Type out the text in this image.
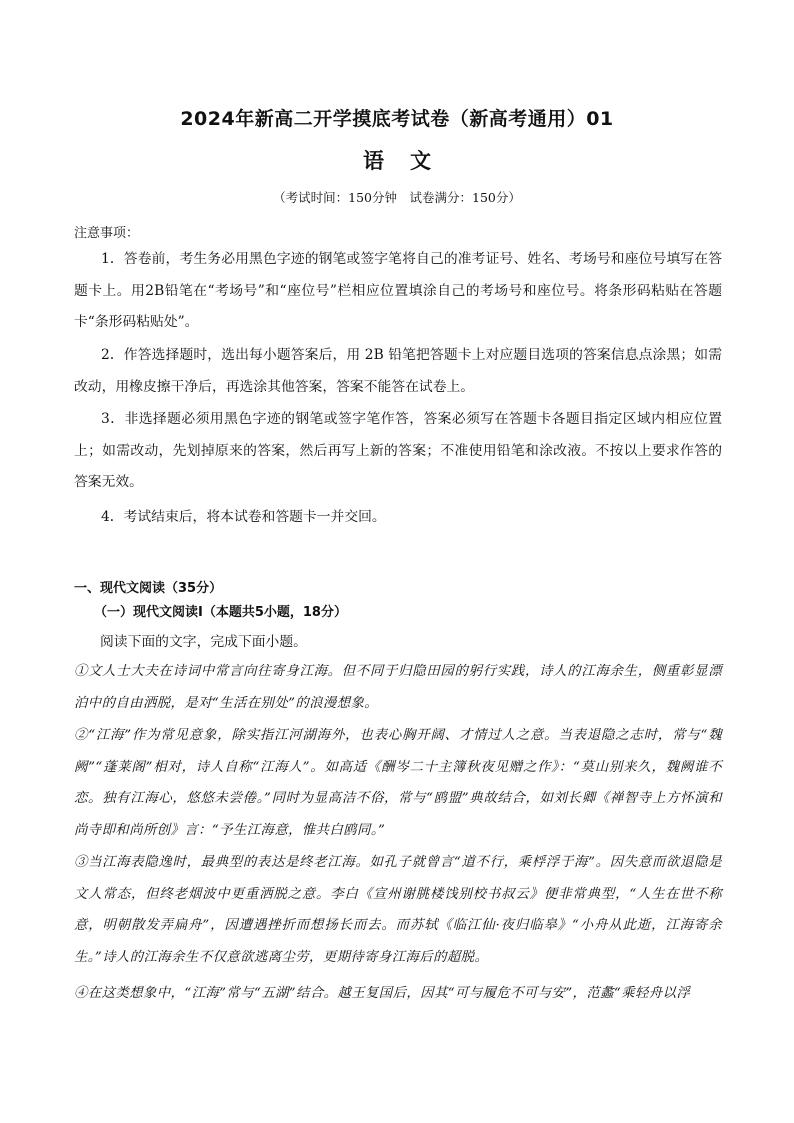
2024年新高二开学摸底考试卷（新高考通用）01
语 文
（考试时间：150分钟　试卷满分：150分）
注意事项：
1．答卷前，考生务必用黑色字迹的钢笔或签字笔将自己的准考证号、姓名、考场号和座位号填写在答题卡上。用2B铅笔在“考场号”和“座位号”栏相应位置填涂自己的考场号和座位号。将条形码粘贴在答题卡“条形码粘贴处”。
2．作答选择题时，选出每小题答案后，用 2B 铅笔把答题卡上对应题目选项的答案信息点涂黑；如需改动，用橡皮擦干净后，再选涂其他答案，答案不能答在试卷上。
3．非选择题必须用黑色字迹的钢笔或签字笔作答，答案必须写在答题卡各题目指定区域内相应位置上；如需改动，先划掉原来的答案，然后再写上新的答案；不准使用铅笔和涂改液。不按以上要求作答的答案无效。
4．考试结束后，将本试卷和答题卡一并交回。
一、现代文阅读（35分）
（一）现代文阅读Ⅰ（本题共5小题，18分）
阅读下面的文字，完成下面小题。
①文人士大夫在诗词中常言向往寄身江海。但不同于归隐田园的躬行实践，诗人的江海余生，侧重彰显漂泊中的自由洒脱，是对“生活在别处”的浪漫想象。
②“江海”作为常见意象，除实指江河湖海外，也表心胸开阔、才情过人之意。当表退隐之志时，常与“魏阙”“蓬莱阁”相对，诗人自称“江海人”。如高适《酬岑二十主簿秋夜见赠之作》：“莫山别来久，魏阙谁不恋。独有江海心，悠悠未尝倦。”同时为显高洁不俗，常与“鸥盟”典故结合，如刘长卿《禅智寺上方怀演和尚寺即和尚所创》言：“予生江海意，惟共白鸥同。”
③当江海表隐逸时，最典型的表达是终老江海。如孔子就曾言“道不行，乘桴浮于海”。因失意而欲退隐是文人常态，但终老烟波中更重洒脱之意。李白《宣州谢朓楼饯别校书叔云》便非常典型，“人生在世不称意，明朝散发弄扁舟”，因遭遇挫折而想扬长而去。而苏轼《临江仙·夜归临皋》“小舟从此逝，江海寄余生。”诗人的江海余生不仅意欲逃离尘劳，更期待寄身江海后的超脱。
④在这类想象中，“江海”常与“五湖”结合。越王复国后，因其“可与履危不可与安”，范蠡“乘轻舟以浮
